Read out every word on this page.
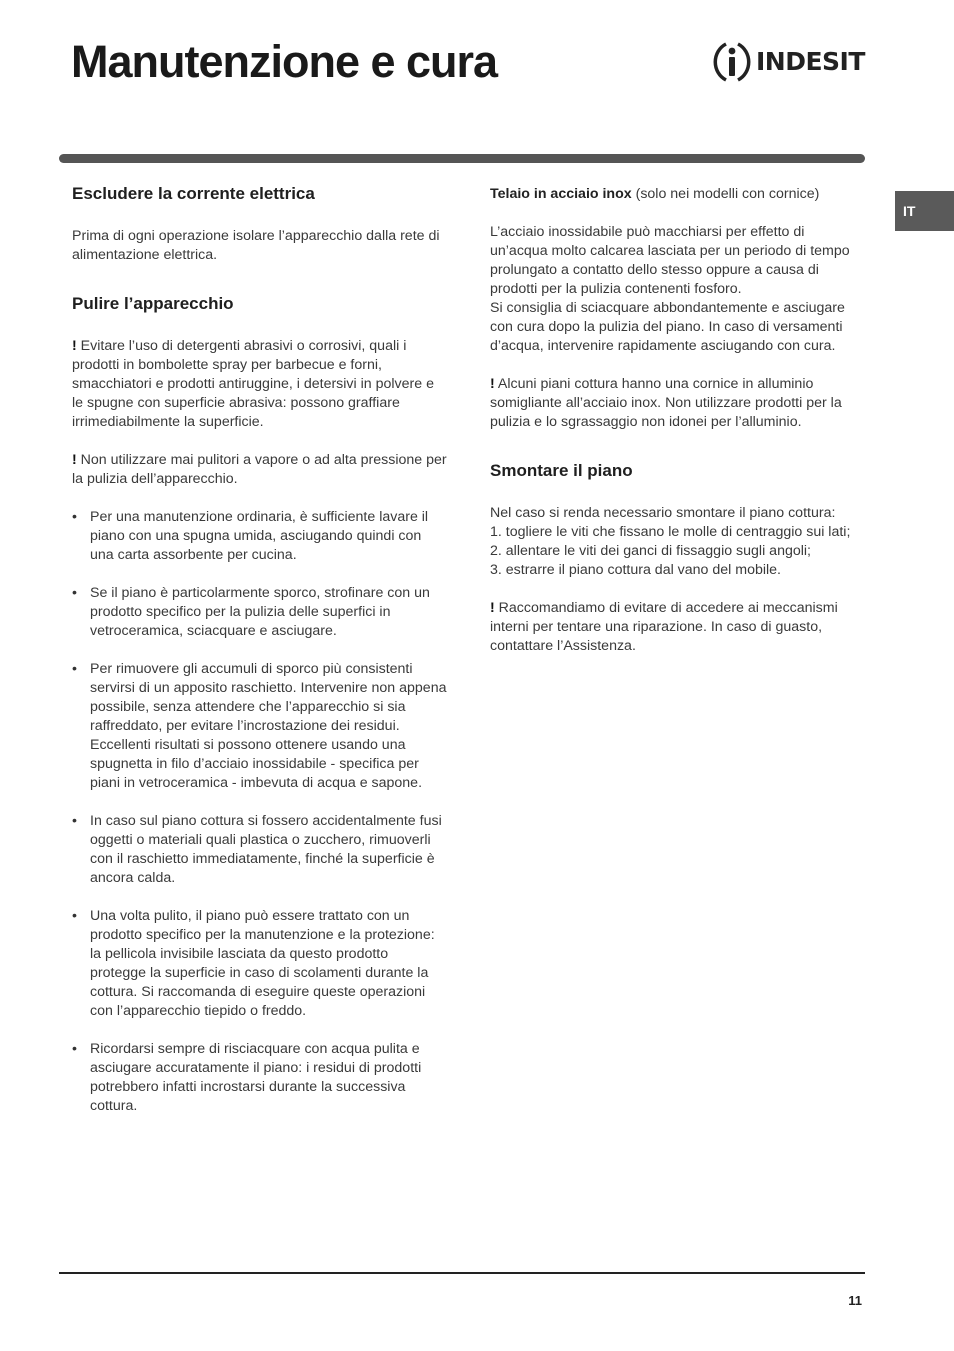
Manutenzione e cura	INDESIT
IT
Escludere la corrente elettrica

Prima di ogni operazione isolare l’apparecchio dalla rete di alimentazione elettrica.

Pulire l’apparecchio

! Evitare l’uso di detergenti abrasivi o corrosivi, quali i prodotti in bombolette spray per barbecue e forni, smacchiatori e prodotti antiruggine, i detersivi in polvere e le spugne con superficie abrasiva: possono graffiare irrimediabilmente la superficie.

! Non utilizzare mai pulitori a vapore o ad alta pressione per la pulizia dell’apparecchio.

• Per una manutenzione ordinaria, è sufficiente lavare il piano con una spugna umida, asciugando quindi con una carta assorbente per cucina.
• Se il piano è particolarmente sporco, strofinare con un prodotto specifico per la pulizia delle superfici in vetroceramica, sciacquare e asciugare.
• Per rimuovere gli accumuli di sporco più consistenti servirsi di un apposito raschietto. Intervenire non appena possibile, senza attendere che l’apparecchio si sia raffreddato, per evitare l’incrostazione dei residui. Eccellenti risultati si possono ottenere usando una spugnetta in filo d’acciaio inossidabile - specifica per piani in vetroceramica - imbevuta di acqua e sapone.
• In caso sul piano cottura si fossero accidentalmente fusi oggetti o materiali quali plastica o zucchero, rimuoverli con il raschietto immediatamente, finché la superficie è ancora calda.
• Una volta pulito, il piano può essere trattato con un prodotto specifico per la manutenzione e la protezione: la pellicola invisibile lasciata da questo prodotto protegge la superficie in caso di scolamenti durante la cottura. Si raccomanda di eseguire queste operazioni con l’apparecchio tiepido o freddo.
• Ricordarsi sempre di risciacquare con acqua pulita e asciugare accuratamente il piano: i residui di prodotti potrebbero infatti incrostarsi durante la successiva cottura.

Telaio in acciaio inox (solo nei modelli con cornice)

L’acciaio inossidabile può macchiarsi per effetto di un’acqua molto calcarea lasciata per un periodo di tempo prolungato a contatto dello stesso oppure a causa di prodotti per la pulizia contenenti fosforo.

Si consiglia di sciacquare abbondantemente e asciugare con cura dopo la pulizia del piano. In caso di versamenti d’acqua, intervenire rapidamente asciugando con cura.

! Alcuni piani cottura hanno una cornice in alluminio somigliante all’acciaio inox. Non utilizzare prodotti per la pulizia e lo sgrassaggio non idonei per l’alluminio.

Smontare il piano

Nel caso si renda necessario smontare il piano cottura:

1. togliere le viti che fissano le molle di centraggio sui lati;

2. allentare le viti dei ganci di fissaggio sugli angoli;

3. estrarre il piano cottura dal vano del mobile.

! Raccomandiamo di evitare di accedere ai meccanismi interni per tentare una riparazione. In caso di guasto, contattare l’Assistenza.

11
